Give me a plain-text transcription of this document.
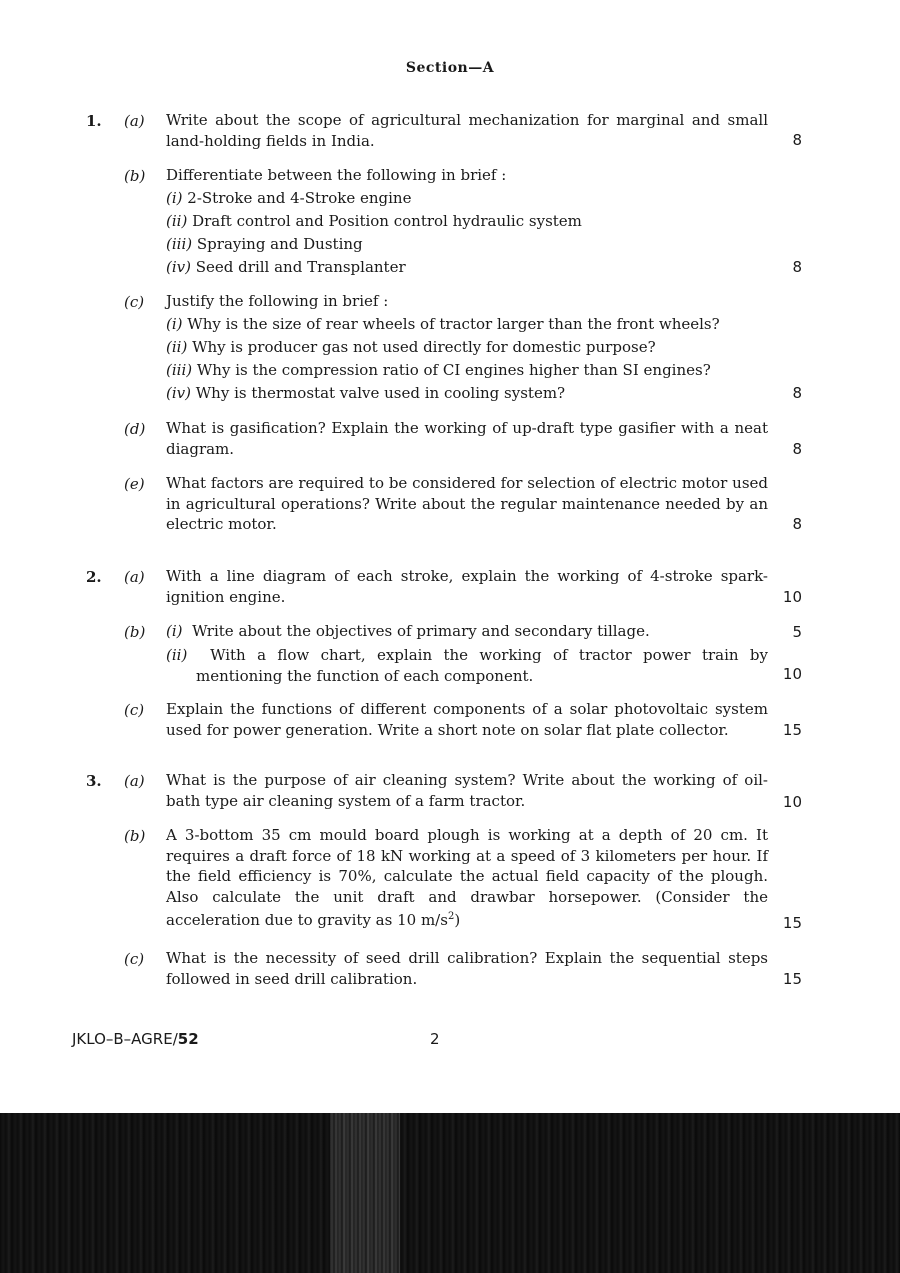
Section—A
1. (a) Write about the scope of agricultural mechanization for marginal and small land-holding fields in India.	8
(b) Differentiate between the following in brief :
(i) 2-Stroke and 4-Stroke engine
(ii) Draft control and Position control hydraulic system
(iii) Spraying and Dusting
(iv) Seed drill and Transplanter	8
(c) Justify the following in brief :
(i) Why is the size of rear wheels of tractor larger than the front wheels?
(ii) Why is producer gas not used directly for domestic purpose?
(iii) Why is the compression ratio of CI engines higher than SI engines?
(iv) Why is thermostat valve used in cooling system?	8
(d) What is gasification? Explain the working of up-draft type gasifier with a neat diagram.	8
(e) What factors are required to be considered for selection of electric motor used in agricultural operations? Write about the regular maintenance needed by an electric motor.	8
2. (a) With a line diagram of each stroke, explain the working of 4-stroke spark-ignition engine.	10
(b) (i) Write about the objectives of primary and secondary tillage.	5
(ii) With a flow chart, explain the working of tractor power train by mentioning the function of each component.	10
(c) Explain the functions of different components of a solar photovoltaic system used for power generation. Write a short note on solar flat plate collector.	15
3. (a) What is the purpose of air cleaning system? Write about the working of oil-bath type air cleaning system of a farm tractor.	10
(b) A 3-bottom 35 cm mould board plough is working at a depth of 20 cm. It requires a draft force of 18 kN working at a speed of 3 kilometers per hour. If the field efficiency is 70%, calculate the actual field capacity of the plough. Also calculate the unit draft and drawbar horsepower. (Consider the acceleration due to gravity as 10 $m/s^2$)	15
(c) What is the necessity of seed drill calibration? Explain the sequential steps followed in seed drill calibration.	15
JKLO–B–AGRE/52	2
